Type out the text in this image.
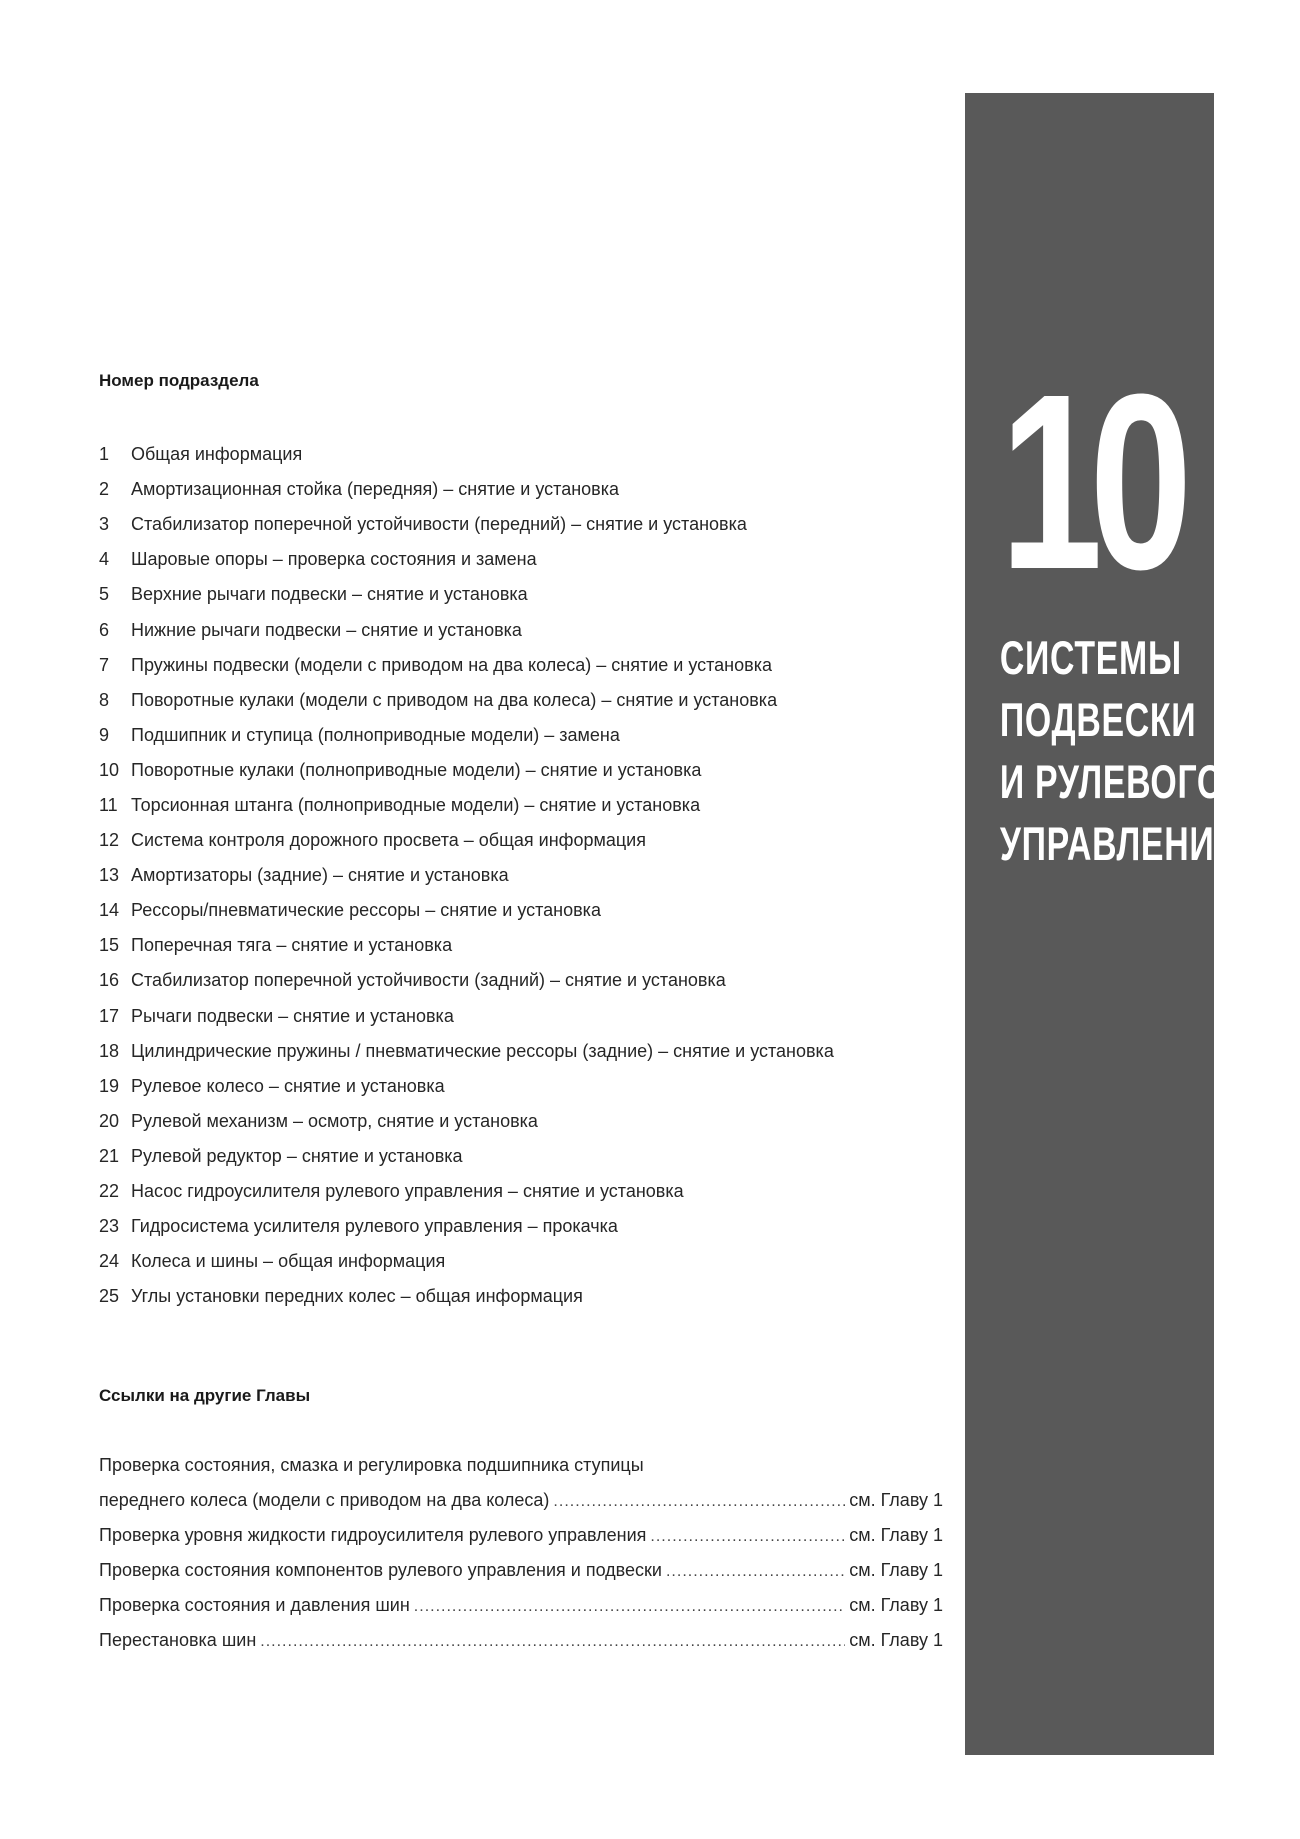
10
СИСТЕМЫ
ПОДВЕСКИ
И РУЛЕВОГО
УПРАВЛЕНИЯ
Номер подраздела
1	Общая информация
2	Амортизационная стойка (передняя) – снятие и установка
3	Стабилизатор поперечной устойчивости (передний) – снятие и установка
4	Шаровые опоры – проверка состояния и замена
5	Верхние рычаги подвески – снятие и установка
6	Нижние рычаги подвески – снятие и установка
7	Пружины подвески (модели с приводом на два колеса) – снятие и установка
8	Поворотные кулаки (модели с приводом на два колеса) – снятие и установка
9	Подшипник и ступица (полноприводные модели) – замена
10 Поворотные кулаки (полноприводные модели) – снятие и установка
11 Торсионная штанга (полноприводные модели) – снятие и установка
12 Система контроля дорожного просвета – общая информация
13 Амортизаторы (задние) – снятие и установка
14 Рессоры/пневматические рессоры – снятие и установка
15 Поперечная тяга – снятие и установка
16 Стабилизатор поперечной устойчивости (задний) – снятие и установка
17 Рычаги подвески – снятие и установка
18 Цилиндрические пружины / пневматические рессоры (задние) – снятие и установка
19 Рулевое колесо – снятие и установка
20 Рулевой механизм – осмотр, снятие и установка
21 Рулевой редуктор – снятие и установка
22 Насос гидроусилителя рулевого управления – снятие и установка
23 Гидросистема усилителя рулевого управления – прокачка
24 Колеса и шины – общая информация
25 Углы установки передних колес – общая информация
Ссылки на другие Главы
Проверка состояния, смазка и регулировка подшипника ступицы
переднего колеса (модели с приводом на два колеса) .....	см. Главу 1
Проверка уровня жидкости гидроусилителя рулевого управления .....	см. Главу 1
Проверка состояния компонентов рулевого управления и подвески .....	см. Главу 1
Проверка состояния и давления шин .....	см. Главу 1
Перестановка шин .....	см. Главу 1
